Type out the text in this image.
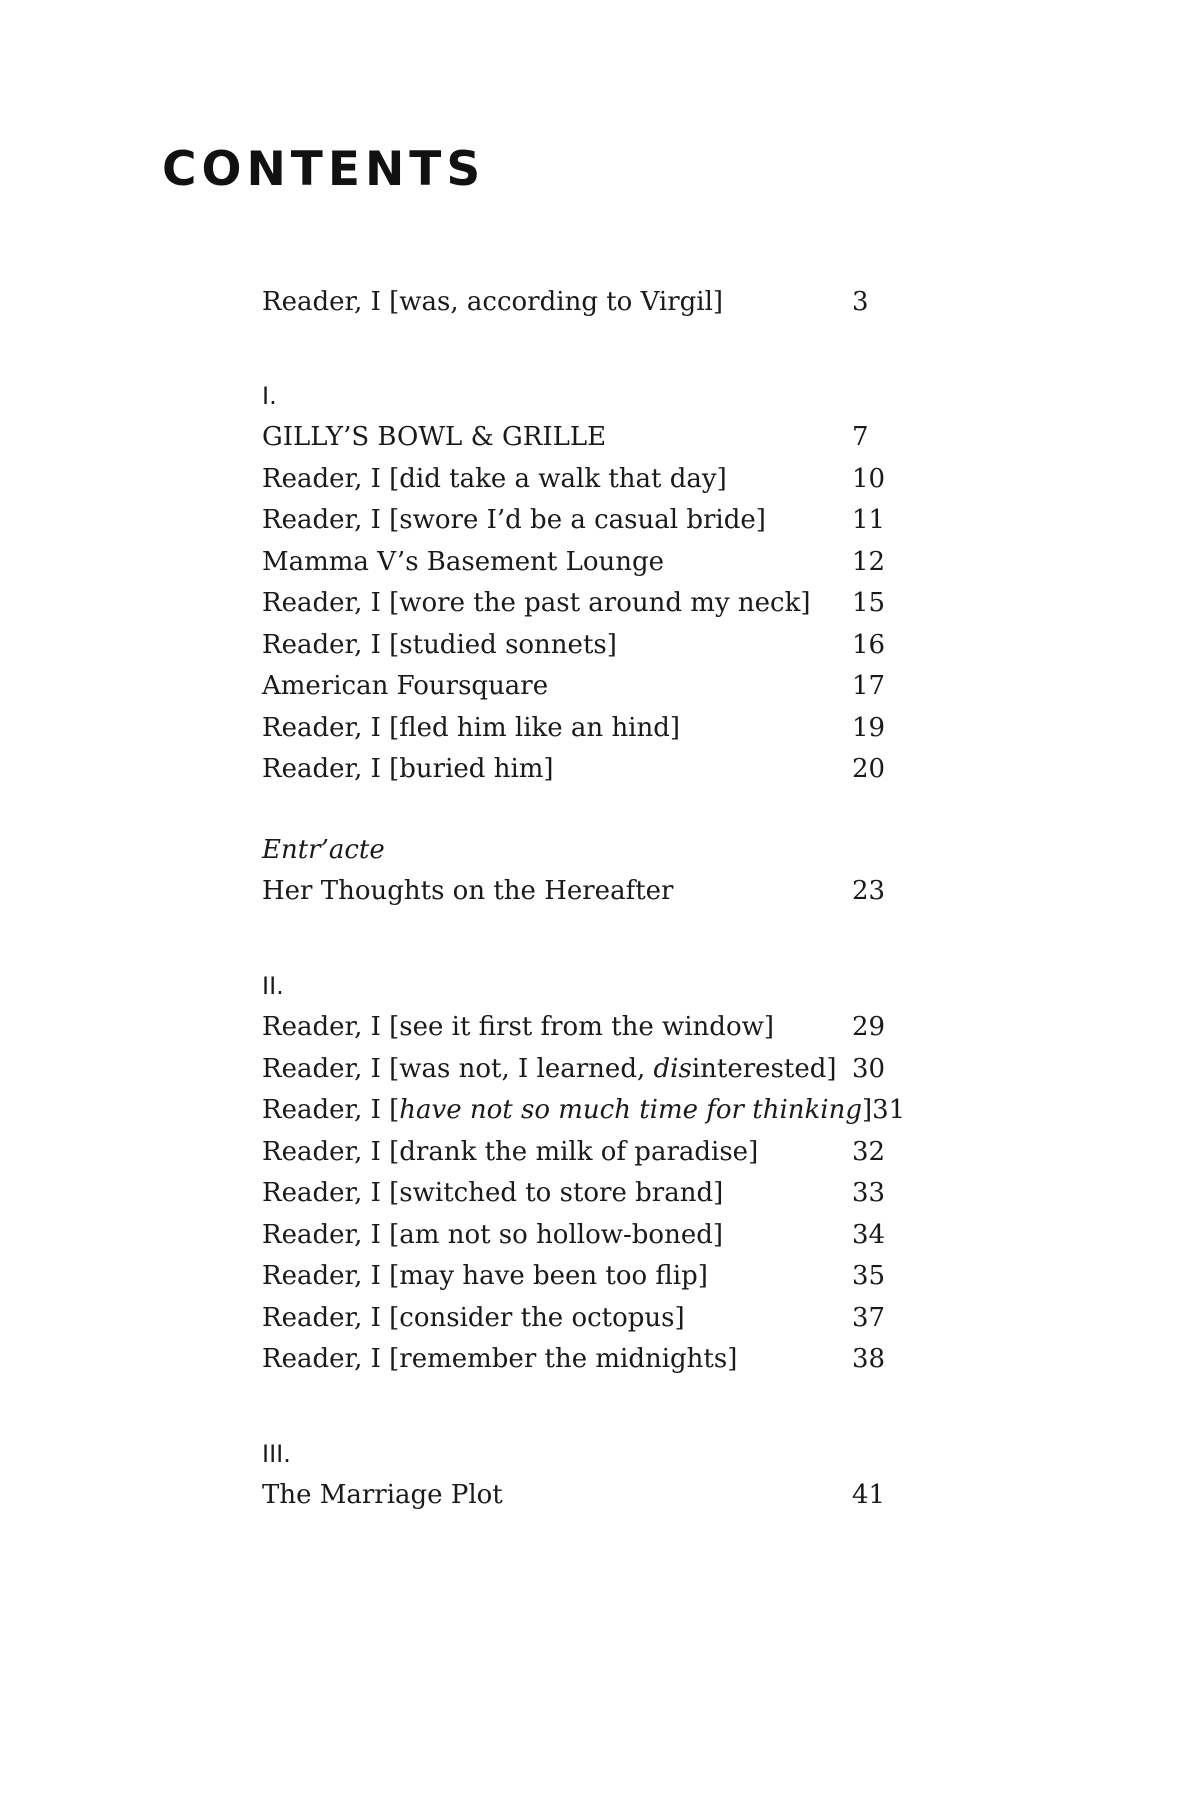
CONTENTS
Reader, I [was, according to Virgil]	3
I.
GILLY’S BOWL & GRILLE	7
Reader, I [did take a walk that day]	10
Reader, I [swore I’d be a casual bride]	11
Mamma V’s Basement Lounge	12
Reader, I [wore the past around my neck]	15
Reader, I [studied sonnets]	16
American Foursquare	17
Reader, I [fled him like an hind]	19
Reader, I [buried him]	20
Entr’acte
Her Thoughts on the Hereafter	23
II.
Reader, I [see it first from the window]	29
Reader, I [was not, I learned, disinterested] 30
Reader, I [have not so much time for thinking] 31
Reader, I [drank the milk of paradise]	32
Reader, I [switched to store brand]	33
Reader, I [am not so hollow-boned]	34
Reader, I [may have been too flip]	35
Reader, I [consider the octopus]	37
Reader, I [remember the midnights]	38
III.
The Marriage Plot	41
